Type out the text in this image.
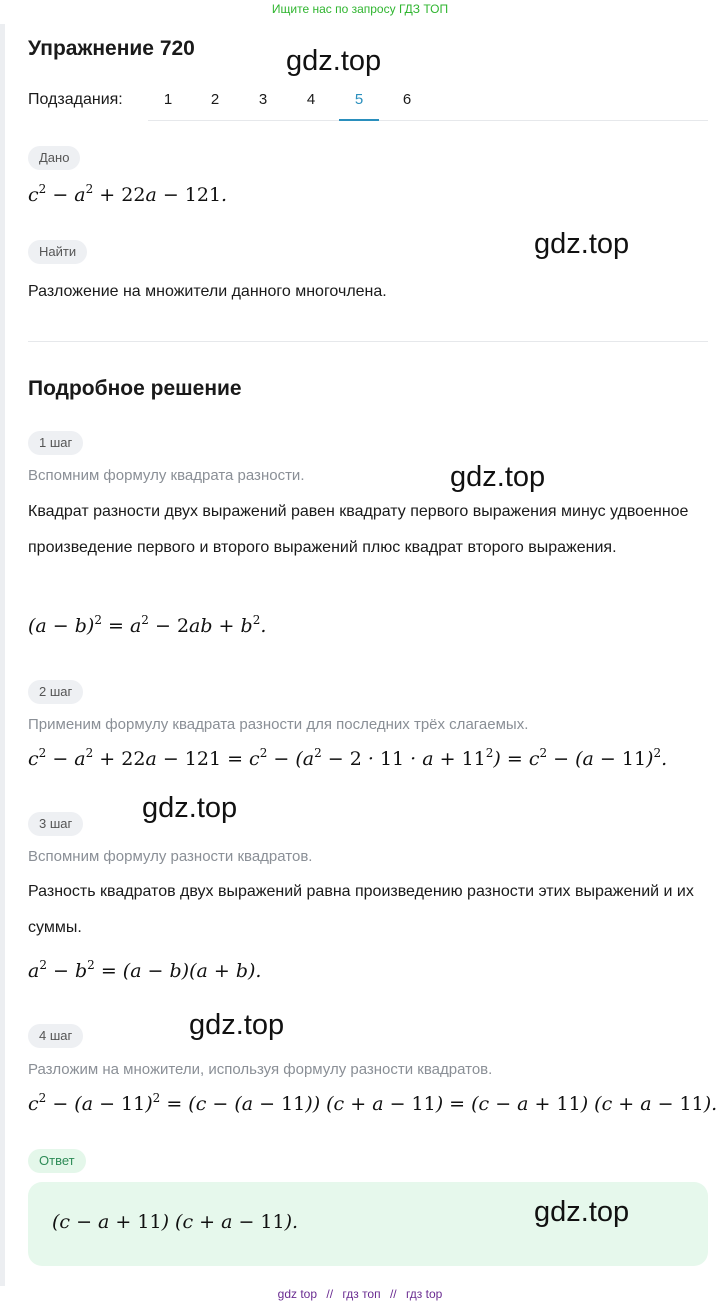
Ищите нас по запросу ГДЗ ТОП
Упражнение 720	gdz.top
Подзадания:	1	2	3	4	5	6
Дано
$c^2 - a^2 + 22a - 121$.
Найти	gdz.top
Разложение на множители данного многочлена.
Подробное решение
1 шаг
Вспомним формулу квадрата разности.	gdz.top
Квадрат разности двух выражений равен квадрату первого выражения минус удвоенное произведение первого и второго выражений плюс квадрат второго выражения.
$(a - b)^2 = a^2 - 2ab + b^2$.
2 шаг
Применим формулу квадрата разности для последних трёх слагаемых.
$c^2 - a^2 + 22a - 121 = c^2 - (a^2 - 2 \cdot 11 \cdot a + 11^2) = c^2 - (a - 11)^2$.
gdz.top
3 шаг
Вспомним формулу разности квадратов.
Разность квадратов двух выражений равна произведению разности этих выражений и их суммы.
$a^2 - b^2 = (a - b)(a + b)$.
4 шаг	gdz.top
Разложим на множители, используя формулу разности квадратов.
$c^2 - (a - 11)^2 = (c - (a - 11)) (c + a - 11) = (c - a + 11) (c + a - 11)$.
Ответ
(c − a + 11) (c + a − 11).	gdz.top
gdz top // гдз топ // гдз top
